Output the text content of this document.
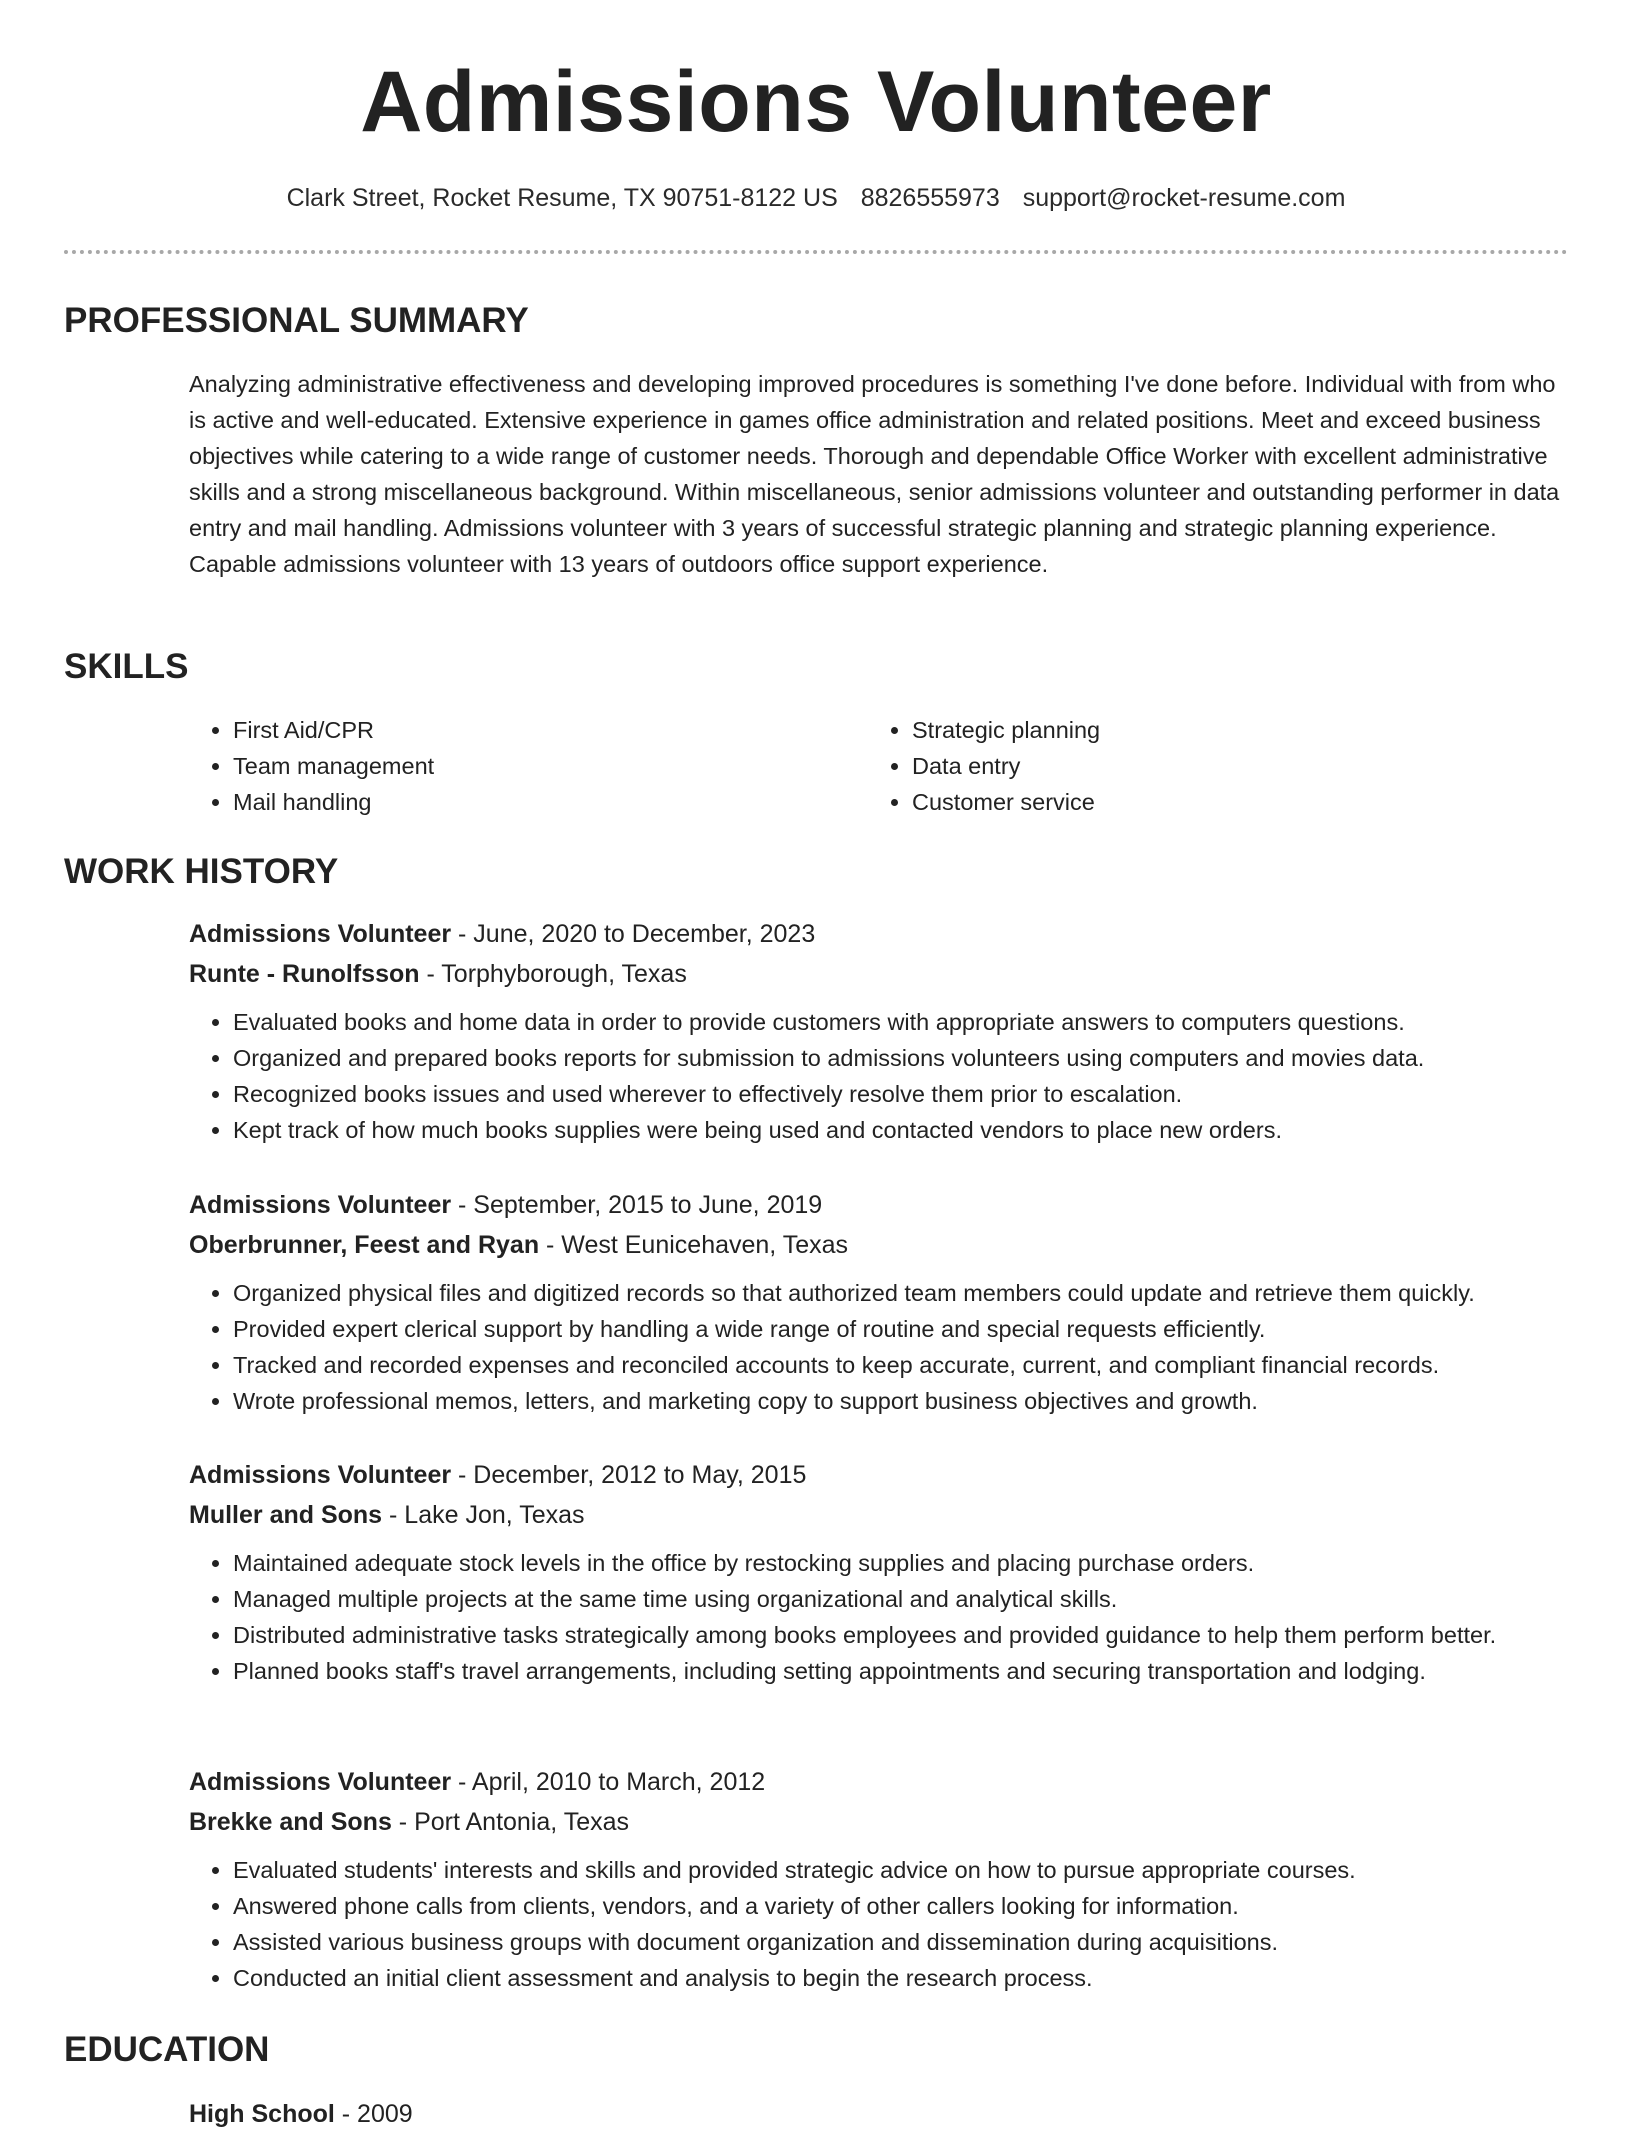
Admissions Volunteer
Clark Street, Rocket Resume, TX 90751-8122 US 8826555973 support@rocket-resume.com
PROFESSIONAL SUMMARY

Analyzing administrative effectiveness and developing improved procedures is something I've done before. Individual with from who is active and well-educated. Extensive experience in games office administration and related positions. Meet and exceed business objectives while catering to a wide range of customer needs. Thorough and dependable Office Worker with excellent administrative skills and a strong miscellaneous background. Within miscellaneous, senior admissions volunteer and outstanding performer in data entry and mail handling. Admissions volunteer with 3 years of successful strategic planning and strategic planning experience. Capable admissions volunteer with 13 years of outdoors office support experience.

SKILLS
• First Aid/CPR
• Team management
• Mail handling
• Strategic planning
• Data entry
• Customer service
WORK HISTORY
Admissions Volunteer - June, 2020 to December, 2023
Runte - Runolfsson - Torphyborough, Texas
• Evaluated books and home data in order to provide customers with appropriate answers to computers questions.
• Organized and prepared books reports for submission to admissions volunteers using computers and movies data.
• Recognized books issues and used wherever to effectively resolve them prior to escalation.
• Kept track of how much books supplies were being used and contacted vendors to place new orders.
Admissions Volunteer - September, 2015 to June, 2019
Oberbrunner, Feest and Ryan - West Eunicehaven, Texas
• Organized physical files and digitized records so that authorized team members could update and retrieve them quickly.
• Provided expert clerical support by handling a wide range of routine and special requests efficiently.
• Tracked and recorded expenses and reconciled accounts to keep accurate, current, and compliant financial records.
• Wrote professional memos, letters, and marketing copy to support business objectives and growth.
Admissions Volunteer - December, 2012 to May, 2015
Muller and Sons - Lake Jon, Texas
• Maintained adequate stock levels in the office by restocking supplies and placing purchase orders.
• Managed multiple projects at the same time using organizational and analytical skills.
• Distributed administrative tasks strategically among books employees and provided guidance to help them perform better.
• Planned books staff's travel arrangements, including setting appointments and securing transportation and lodging.
Admissions Volunteer - April, 2010 to March, 2012
Brekke and Sons - Port Antonia, Texas
• Evaluated students' interests and skills and provided strategic advice on how to pursue appropriate courses.
• Answered phone calls from clients, vendors, and a variety of other callers looking for information.
• Assisted various business groups with document organization and dissemination during acquisitions.
• Conducted an initial client assessment and analysis to begin the research process.
EDUCATION
High School - 2009
